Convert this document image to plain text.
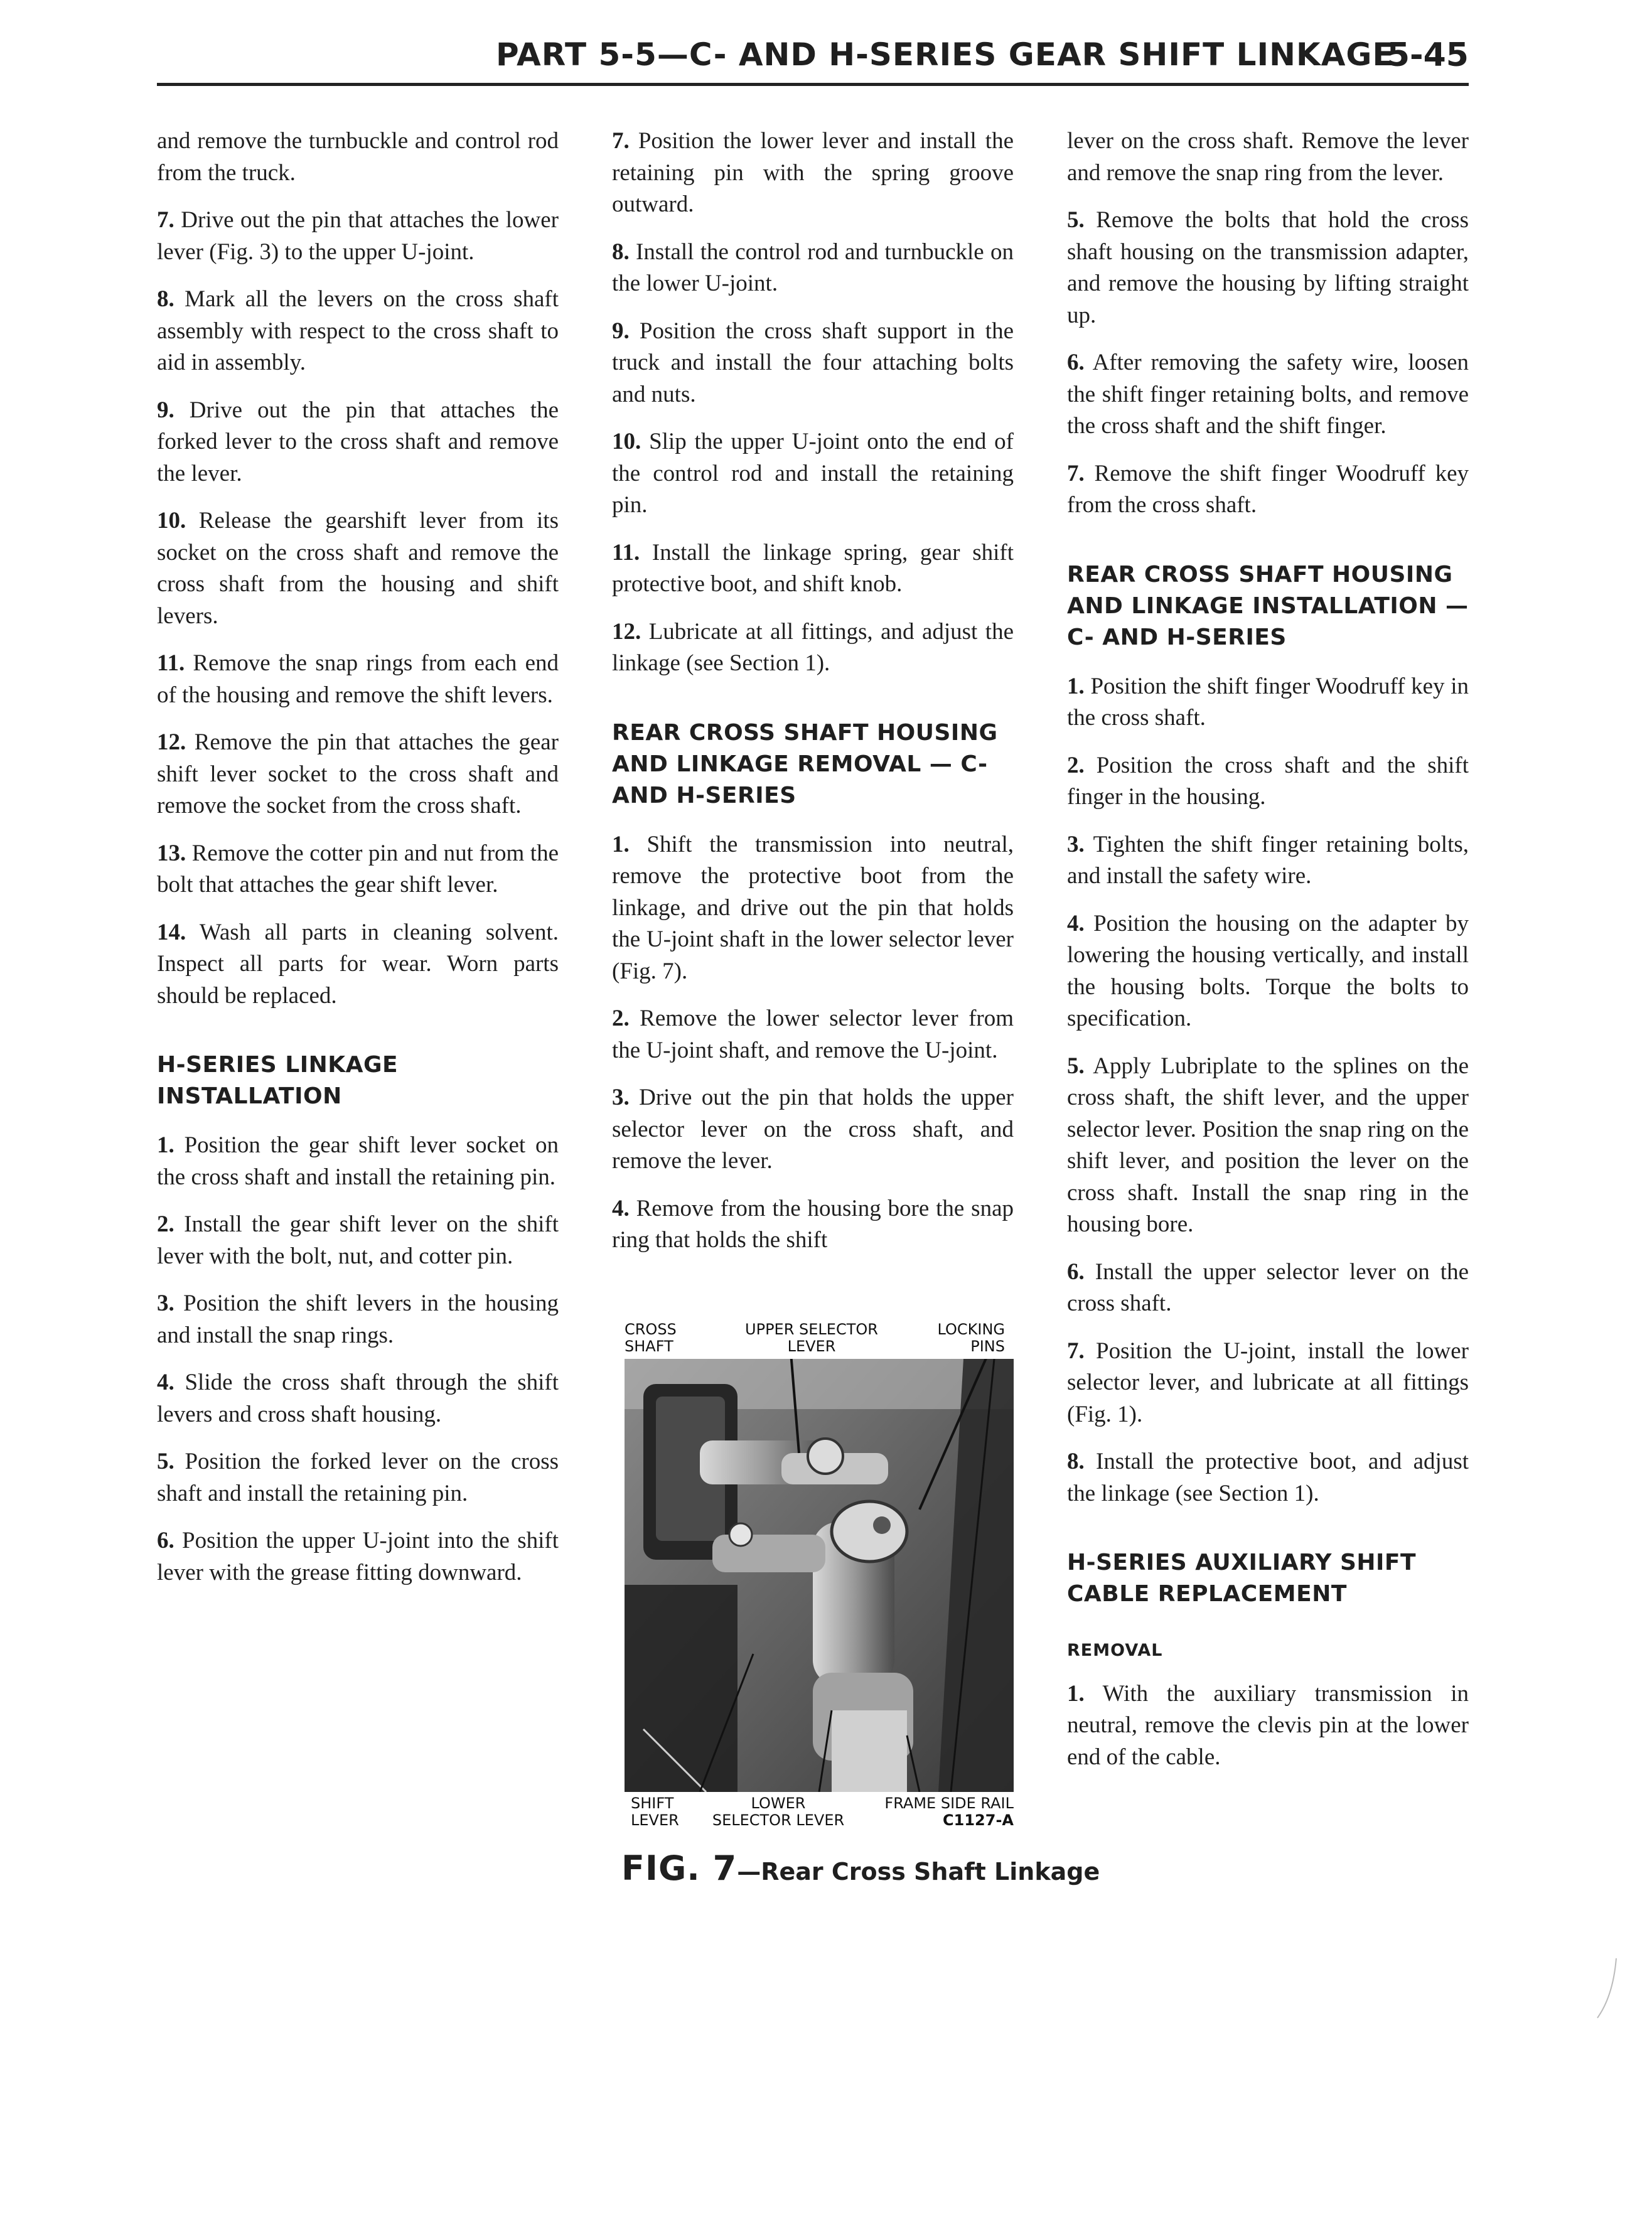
PART 5-5—C- AND H-SERIES GEAR SHIFT LINKAGE
5-45

and remove the turnbuckle and control rod from the truck.

7. Drive out the pin that attaches the lower lever (Fig. 3) to the upper U-joint.

8. Mark all the levers on the cross shaft assembly with respect to the cross shaft to aid in assembly.

9. Drive out the pin that attaches the forked lever to the cross shaft and remove the lever.

10. Release the gearshift lever from its socket on the cross shaft and remove the cross shaft from the housing and shift levers.

11. Remove the snap rings from each end of the housing and remove the shift levers.

12. Remove the pin that attaches the gear shift lever socket to the cross shaft and remove the socket from the cross shaft.

13. Remove the cotter pin and nut from the bolt that attaches the gear shift lever.

14. Wash all parts in cleaning solvent. Inspect all parts for wear. Worn parts should be replaced.

H-SERIES LINKAGE INSTALLATION

1. Position the gear shift lever socket on the cross shaft and install the retaining pin.

2. Install the gear shift lever on the shift lever with the bolt, nut, and cotter pin.

3. Position the shift levers in the housing and install the snap rings.

4. Slide the cross shaft through the shift levers and cross shaft housing.

5. Position the forked lever on the cross shaft and install the retaining pin.

6. Position the upper U-joint into the shift lever with the grease fitting downward.

7. Position the lower lever and install the retaining pin with the spring groove outward.

8. Install the control rod and turnbuckle on the lower U-joint.

9. Position the cross shaft support in the truck and install the four attaching bolts and nuts.

10. Slip the upper U-joint onto the end of the control rod and install the retaining pin.

11. Install the linkage spring, gear shift protective boot, and shift knob.

12. Lubricate at all fittings, and adjust the linkage (see Section 1).

REAR CROSS SHAFT HOUSING AND LINKAGE REMOVAL — C- AND H-SERIES

1. Shift the transmission into neutral, remove the protective boot from the linkage, and drive out the pin that holds the U-joint shaft in the lower selector lever (Fig. 7).

2. Remove the lower selector lever from the U-joint shaft, and remove the U-joint.

3. Drive out the pin that holds the upper selector lever on the cross shaft, and remove the lever.

4. Remove from the housing bore the snap ring that holds the shift

CROSS
SHAFT
UPPER SELECTOR
LEVER
LOCKING
PINS
SHIFT
LEVER
LOWER
SELECTOR LEVER
FRAME SIDE RAIL
C1127-A
FIG. 7—Rear Cross Shaft Linkage

lever on the cross shaft. Remove the lever and remove the snap ring from the lever.

5. Remove the bolts that hold the cross shaft housing on the transmission adapter, and remove the housing by lifting straight up.

6. After removing the safety wire, loosen the shift finger retaining bolts, and remove the cross shaft and the shift finger.

7. Remove the shift finger Woodruff key from the cross shaft.

REAR CROSS SHAFT HOUSING AND LINKAGE INSTALLATION —C- AND H-SERIES

1. Position the shift finger Woodruff key in the cross shaft.

2. Position the cross shaft and the shift finger in the housing.

3. Tighten the shift finger retaining bolts, and install the safety wire.

4. Position the housing on the adapter by lowering the housing vertically, and install the housing bolts. Torque the bolts to specification.

5. Apply Lubriplate to the splines on the cross shaft, the shift lever, and the upper selector lever. Position the snap ring on the shift lever, and position the lever on the cross shaft. Install the snap ring in the housing bore.

6. Install the upper selector lever on the cross shaft.

7. Position the U-joint, install the lower selector lever, and lubricate at all fittings (Fig. 1).

8. Install the protective boot, and adjust the linkage (see Section 1).

H-SERIES AUXILIARY SHIFT CABLE REPLACEMENT
REMOVAL

1. With the auxiliary transmission in neutral, remove the clevis pin at the lower end of the cable.
